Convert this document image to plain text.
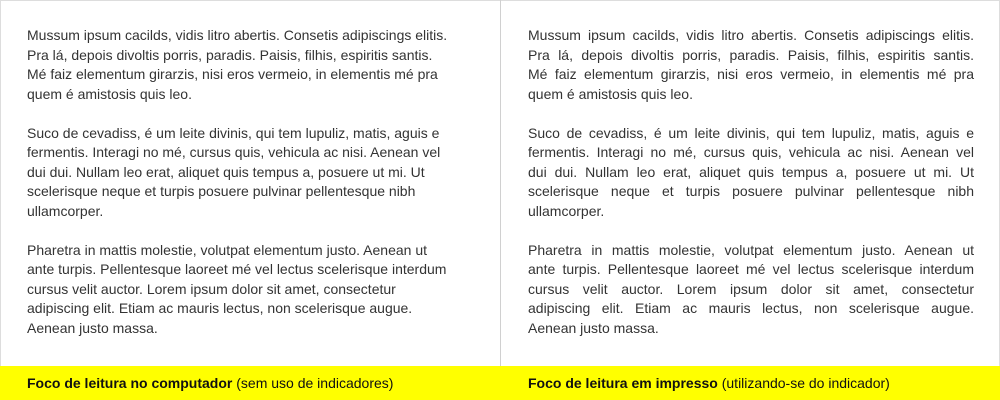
Mussum ipsum cacilds, vidis litro abertis. Consetis adipiscings elitis.
Pra lá, depois divoltis porris, paradis. Paisis, filhis, espiritis santis.
Mé faiz elementum girarzis, nisi eros vermeio, in elementis mé pra
quem é amistosis quis leo.
Suco de cevadiss, é um leite divinis, qui tem lupuliz, matis, aguis e
fermentis. Interagi no mé, cursus quis, vehicula ac nisi. Aenean vel
dui dui. Nullam leo erat, aliquet quis tempus a, posuere ut mi. Ut
scelerisque neque et turpis posuere pulvinar pellentesque nibh
ullamcorper.
Pharetra in mattis molestie, volutpat elementum justo. Aenean ut
ante turpis. Pellentesque laoreet mé vel lectus scelerisque interdum
cursus velit auctor. Lorem ipsum dolor sit amet, consectetur
adipiscing elit. Etiam ac mauris lectus, non scelerisque augue.
Aenean justo massa.
Mussum ipsum cacilds, vidis litro abertis. Consetis adipiscings elitis.
Pra lá, depois divoltis porris, paradis. Paisis, filhis, espiritis santis.
Mé faiz elementum girarzis, nisi eros vermeio, in elementis mé pra
quem é amistosis quis leo.
Suco de cevadiss, é um leite divinis, qui tem lupuliz, matis, aguis e
fermentis. Interagi no mé, cursus quis, vehicula ac nisi. Aenean vel
dui dui. Nullam leo erat, aliquet quis tempus a, posuere ut mi. Ut
scelerisque neque et turpis posuere pulvinar pellentesque nibh
ullamcorper.
Pharetra in mattis molestie, volutpat elementum justo. Aenean ut
ante turpis. Pellentesque laoreet mé vel lectus scelerisque interdum
cursus velit auctor. Lorem ipsum dolor sit amet, consectetur
adipiscing elit. Etiam ac mauris lectus, non scelerisque augue.
Aenean justo massa.
Foco de leitura no computador (sem uso de indicadores)	Foco de leitura em impresso (utilizando-se do indicador)
